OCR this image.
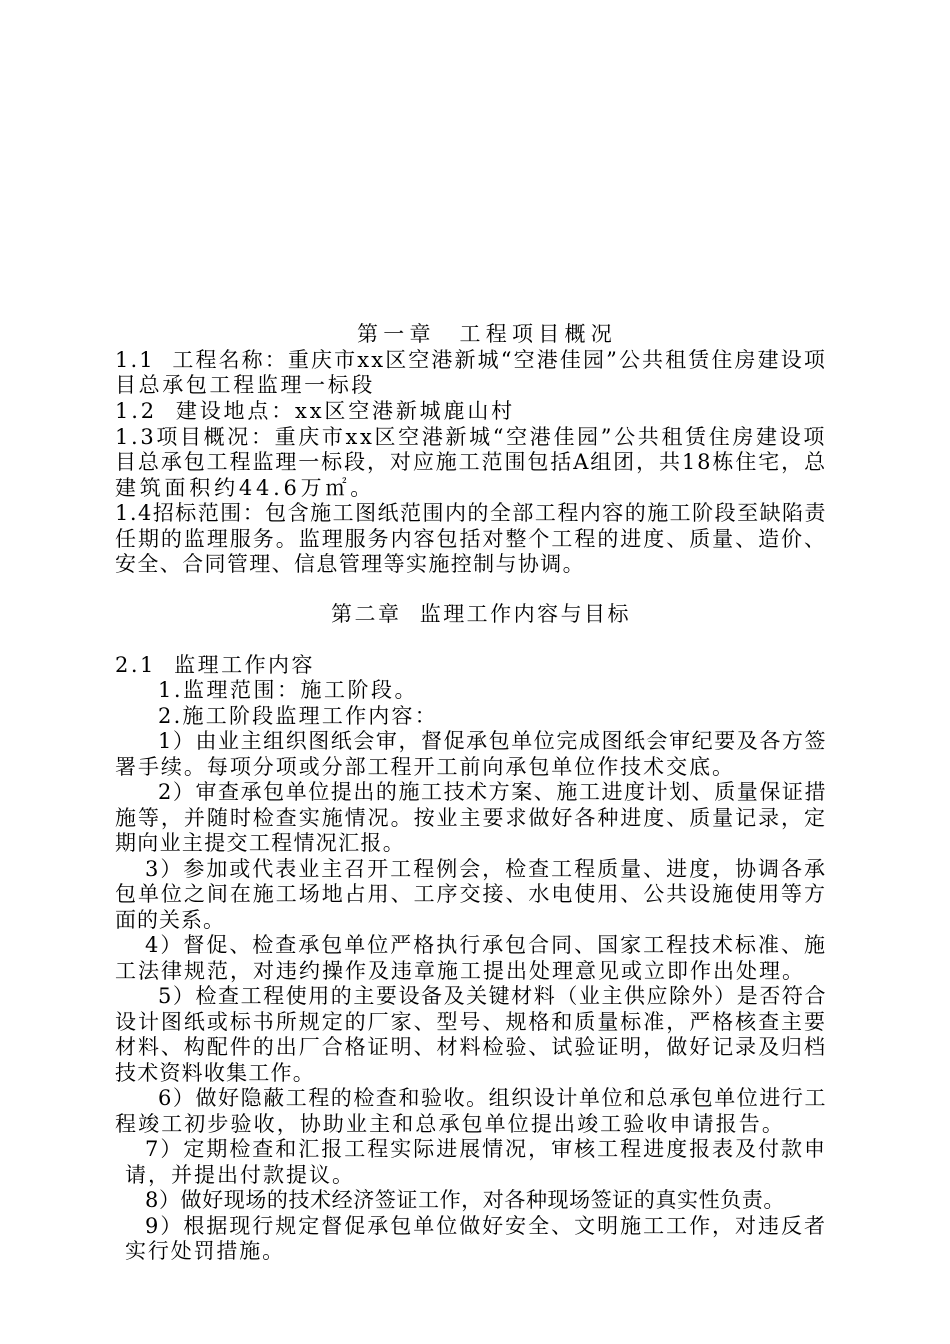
第一章  工程项目概况
1.1  工程名称：重庆市xx区空港新城“空港佳园”公共租赁住房建设项
目总承包工程监理一标段
1.2  建设地点：xx区空港新城鹿山村
1.3项目概况：重庆市xx区空港新城“空港佳园”公共租赁住房建设项
目总承包工程监理一标段，对应施工范围包括A组团，共18栋住宅，总
建筑面积约44.6万㎡。
1.4招标范围：包含施工图纸范围内的全部工程内容的施工阶段至缺陷责
任期的监理服务。监理服务内容包括对整个工程的进度、质量、造价、
安全、合同管理、信息管理等实施控制与协调。
第二章  监理工作内容与目标
2.1  监理工作内容
1.监理范围：施工阶段。
2.施工阶段监理工作内容：
1）由业主组织图纸会审，督促承包单位完成图纸会审纪要及各方签
署手续。每项分项或分部工程开工前向承包单位作技术交底。
2）审查承包单位提出的施工技术方案、施工进度计划、质量保证措
施等，并随时检查实施情况。按业主要求做好各种进度、质量记录，定
期向业主提交工程情况汇报。
3）参加或代表业主召开工程例会，检查工程质量、进度，协调各承
包单位之间在施工场地占用、工序交接、水电使用、公共设施使用等方
面的关系。
4）督促、检查承包单位严格执行承包合同、国家工程技术标准、施
工法律规范，对违约操作及违章施工提出处理意见或立即作出处理。
5）检查工程使用的主要设备及关键材料（业主供应除外）是否符合
设计图纸或标书所规定的厂家、型号、规格和质量标准，严格核查主要
材料、构配件的出厂合格证明、材料检验、试验证明，做好记录及归档
技术资料收集工作。
6）做好隐蔽工程的检查和验收。组织设计单位和总承包单位进行工
程竣工初步验收，协助业主和总承包单位提出竣工验收申请报告。
7）定期检查和汇报工程实际进展情况，审核工程进度报表及付款申
请，并提出付款提议。
8）做好现场的技术经济签证工作，对各种现场签证的真实性负责。
9）根据现行规定督促承包单位做好安全、文明施工工作，对违反者
实行处罚措施。
